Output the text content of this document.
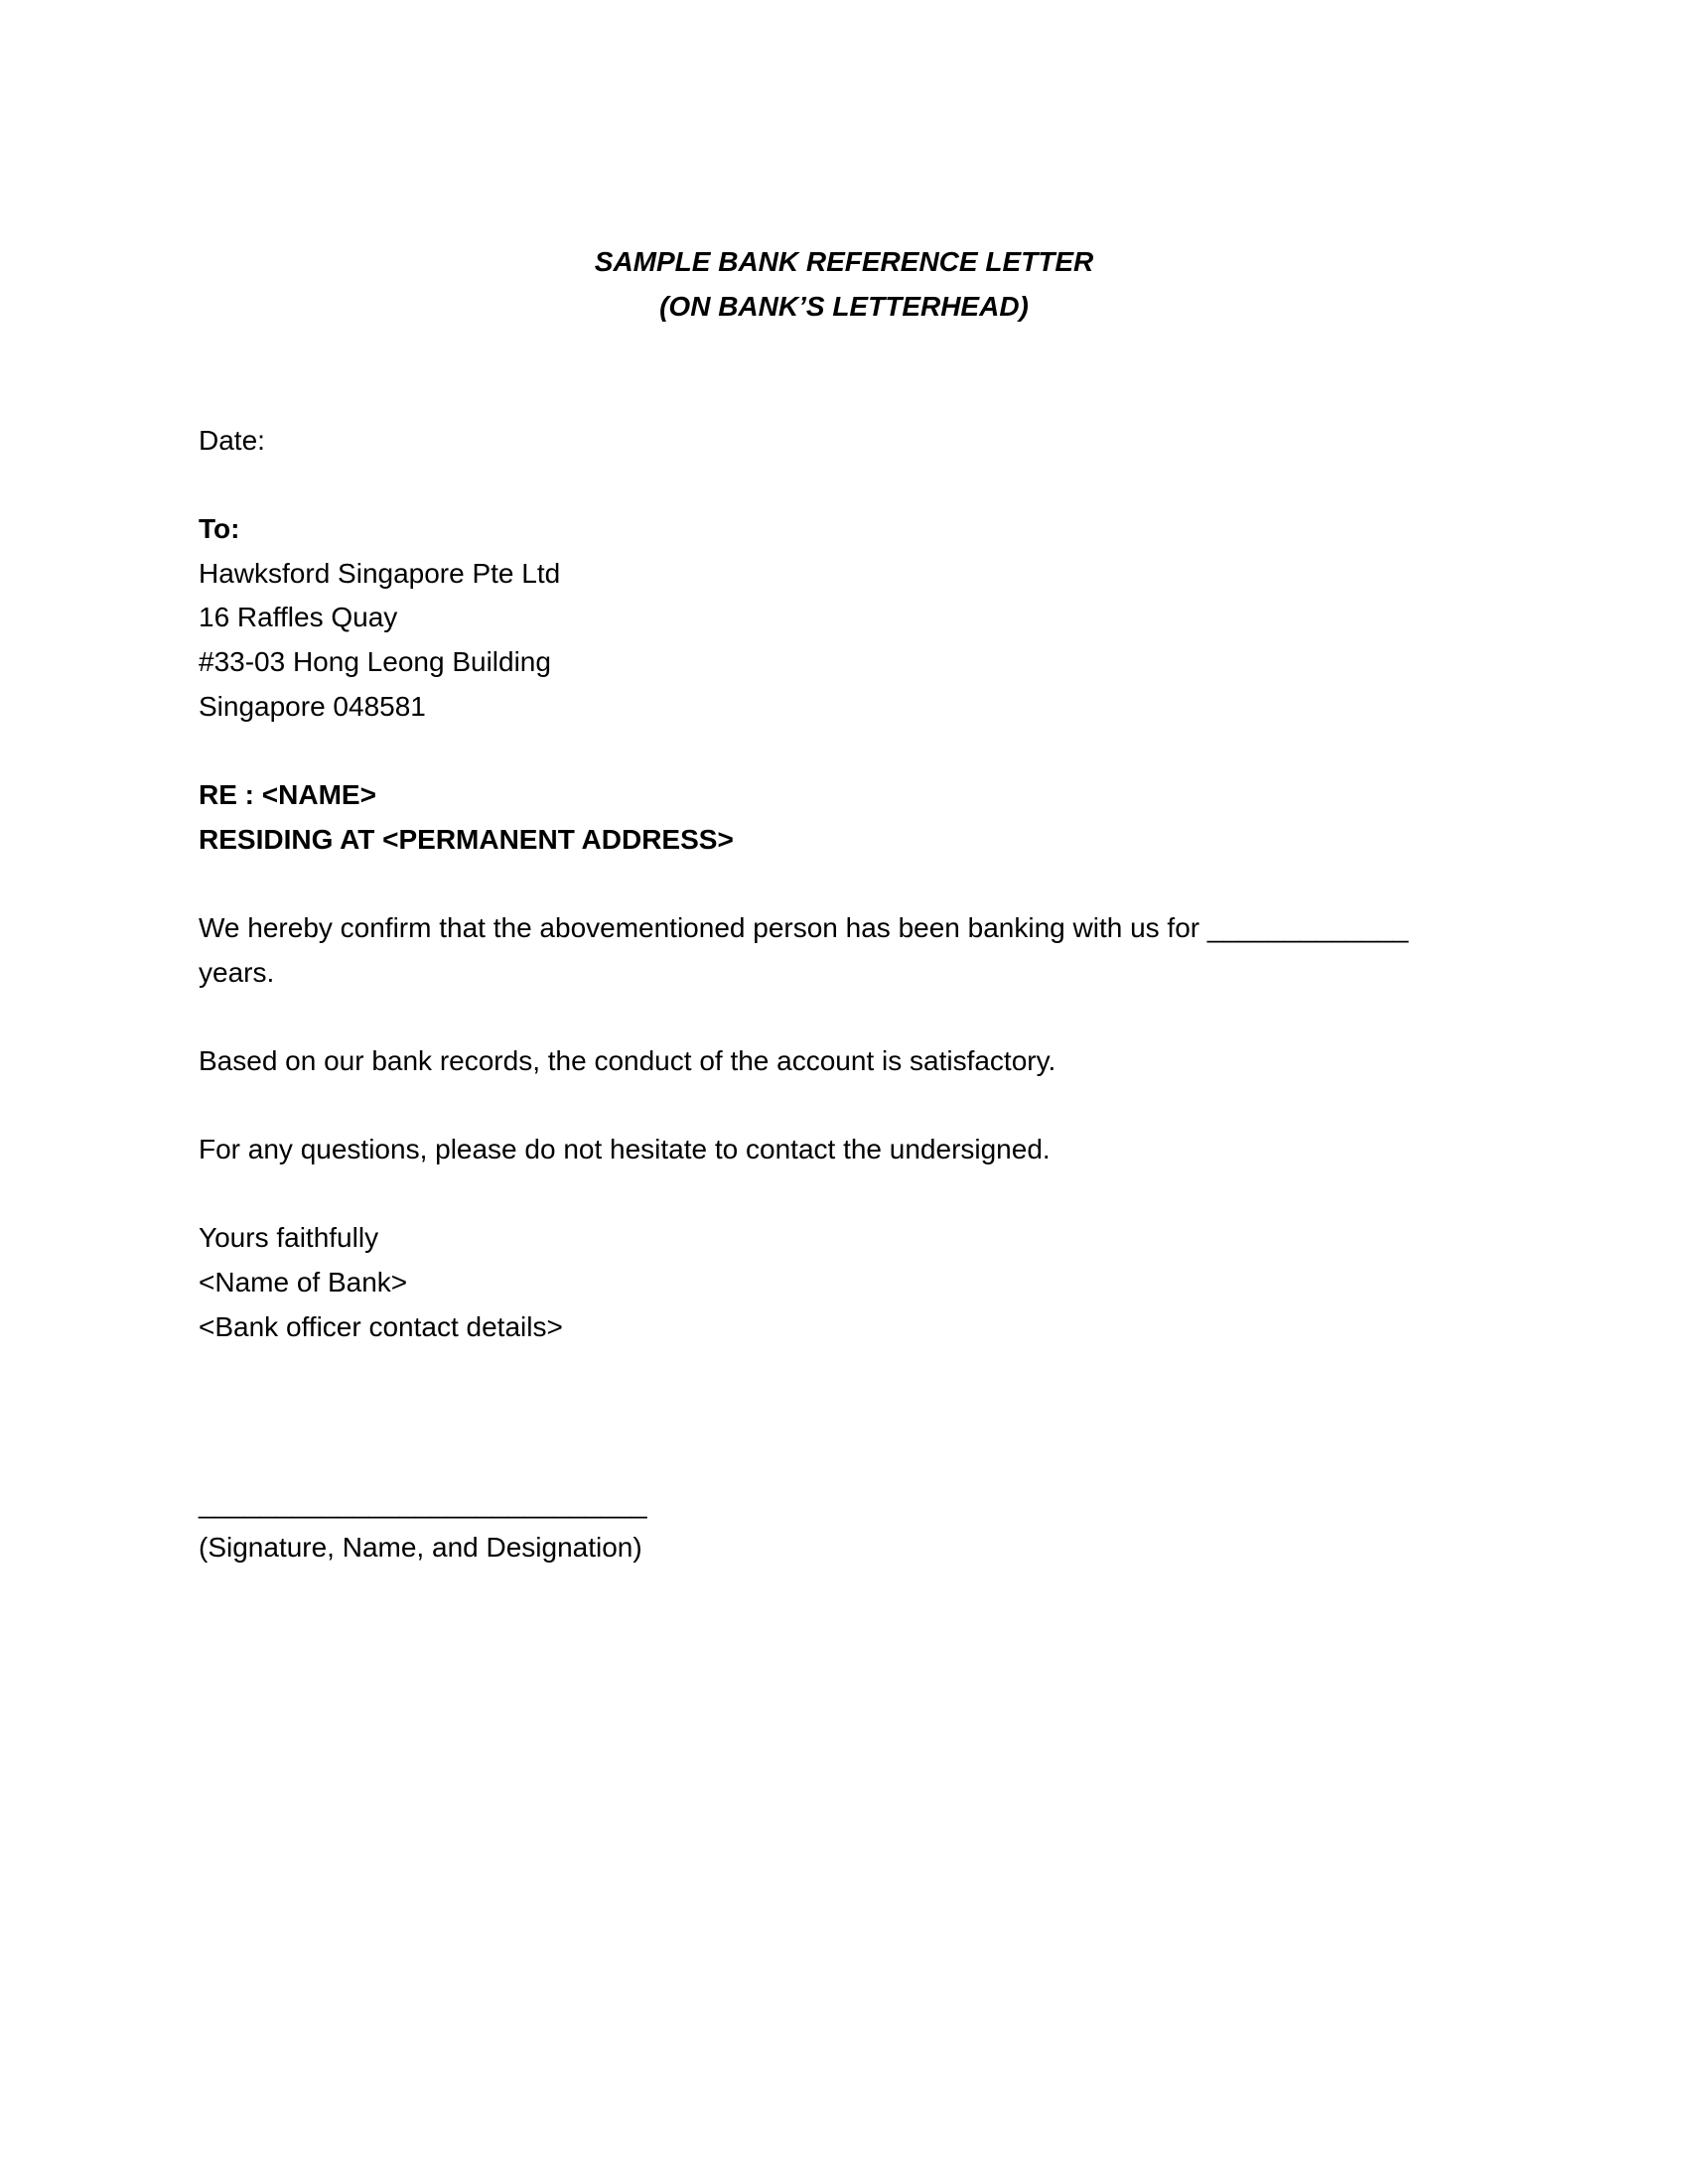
SAMPLE BANK REFERENCE LETTER
(ON BANK’S LETTERHEAD)
Date:
To:
Hawksford Singapore Pte Ltd
16 Raffles Quay
#33-03 Hong Leong Building
Singapore 048581
RE : <NAME>
RESIDING AT <PERMANENT ADDRESS>
We hereby confirm that the abovementioned person has been banking with us for _____________
years.
Based on our bank records, the conduct of the account is satisfactory.
For any questions, please do not hesitate to contact the undersigned.
Yours faithfully
<Name of Bank>
<Bank officer contact details>
_____________________________
(Signature, Name, and Designation)
